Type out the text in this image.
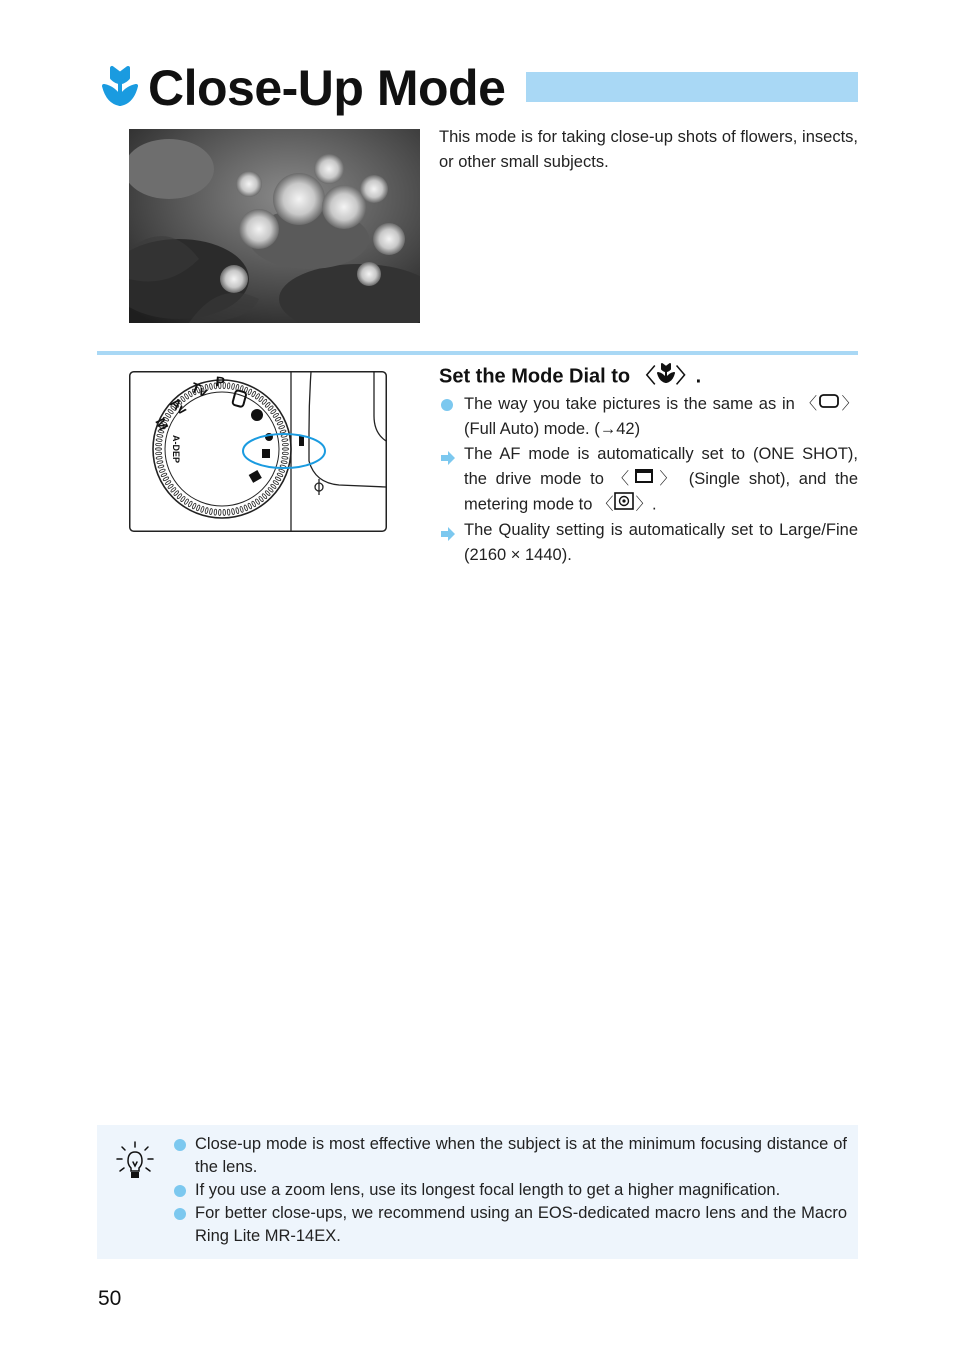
Close-Up Mode
This mode is for taking close-up shots of flowers, insects, or other small subjects.
A-DEP
M
Av
Tv P	Set the Mode Dial to 〈 〉.
The way you take pictures is the same as in 〈 〉 (Full Auto) mode. (→42)
The AF mode is automatically set to (ONE SHOT), the drive mode to 〈 〉 (Single shot), and the metering mode to 〈 〉.
The Quality setting is automatically set to Large/Fine (2160 × 1440).
Close-up mode is most effective when the subject is at the minimum focusing distance of the lens.
If you use a zoom lens, use its longest focal length to get a higher magnification.
For better close-ups, we recommend using an EOS-dedicated macro lens and the Macro Ring Lite MR-14EX.
50
